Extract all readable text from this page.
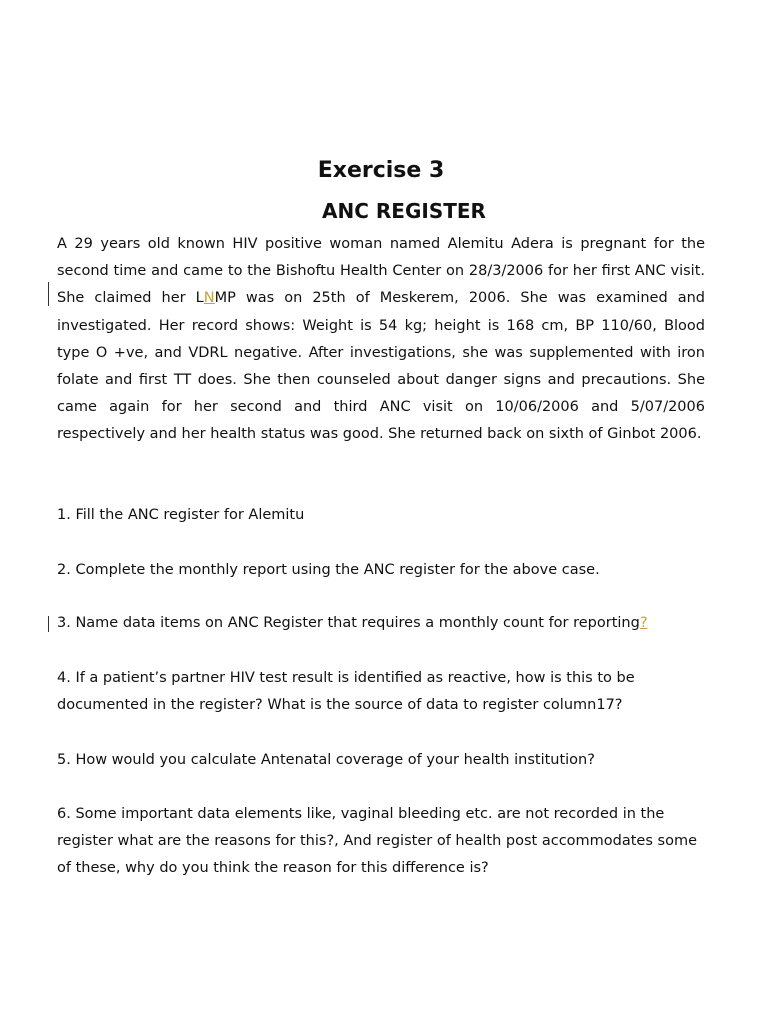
Exercise 3
ANC REGISTER

A 29 years old known HIV positive woman named Alemitu Adera is pregnant for the second time and came to the Bishoftu Health Center on 28/3/2006 for her first ANC visit. She claimed her LNMP was on 25th of Meskerem, 2006. She was examined and investigated. Her record shows: Weight is 54 kg; height is 168 cm, BP 110/60, Blood type O +ve, and VDRL negative. After investigations, she was supplemented with iron folate and first TT does. She then counseled about danger signs and precautions. She came again for her second and third ANC visit on 10/06/2006 and 5/07/2006 respectively and her health status was good. She returned back on sixth of Ginbot 2006.

1. Fill the ANC register for Alemitu

2. Complete the monthly report using the ANC register for the above case.

3. Name data items on ANC Register that requires a monthly count for reporting?

4. If a patient’s partner HIV test result is identified as reactive, how is this to be documented in the register? What is the source of data to register column17?

5. How would you calculate Antenatal coverage of your health institution?

6. Some important data elements like, vaginal bleeding etc. are not recorded in the register what are the reasons for this?, And register of health post accommodates some of these, why do you think the reason for this difference is?
